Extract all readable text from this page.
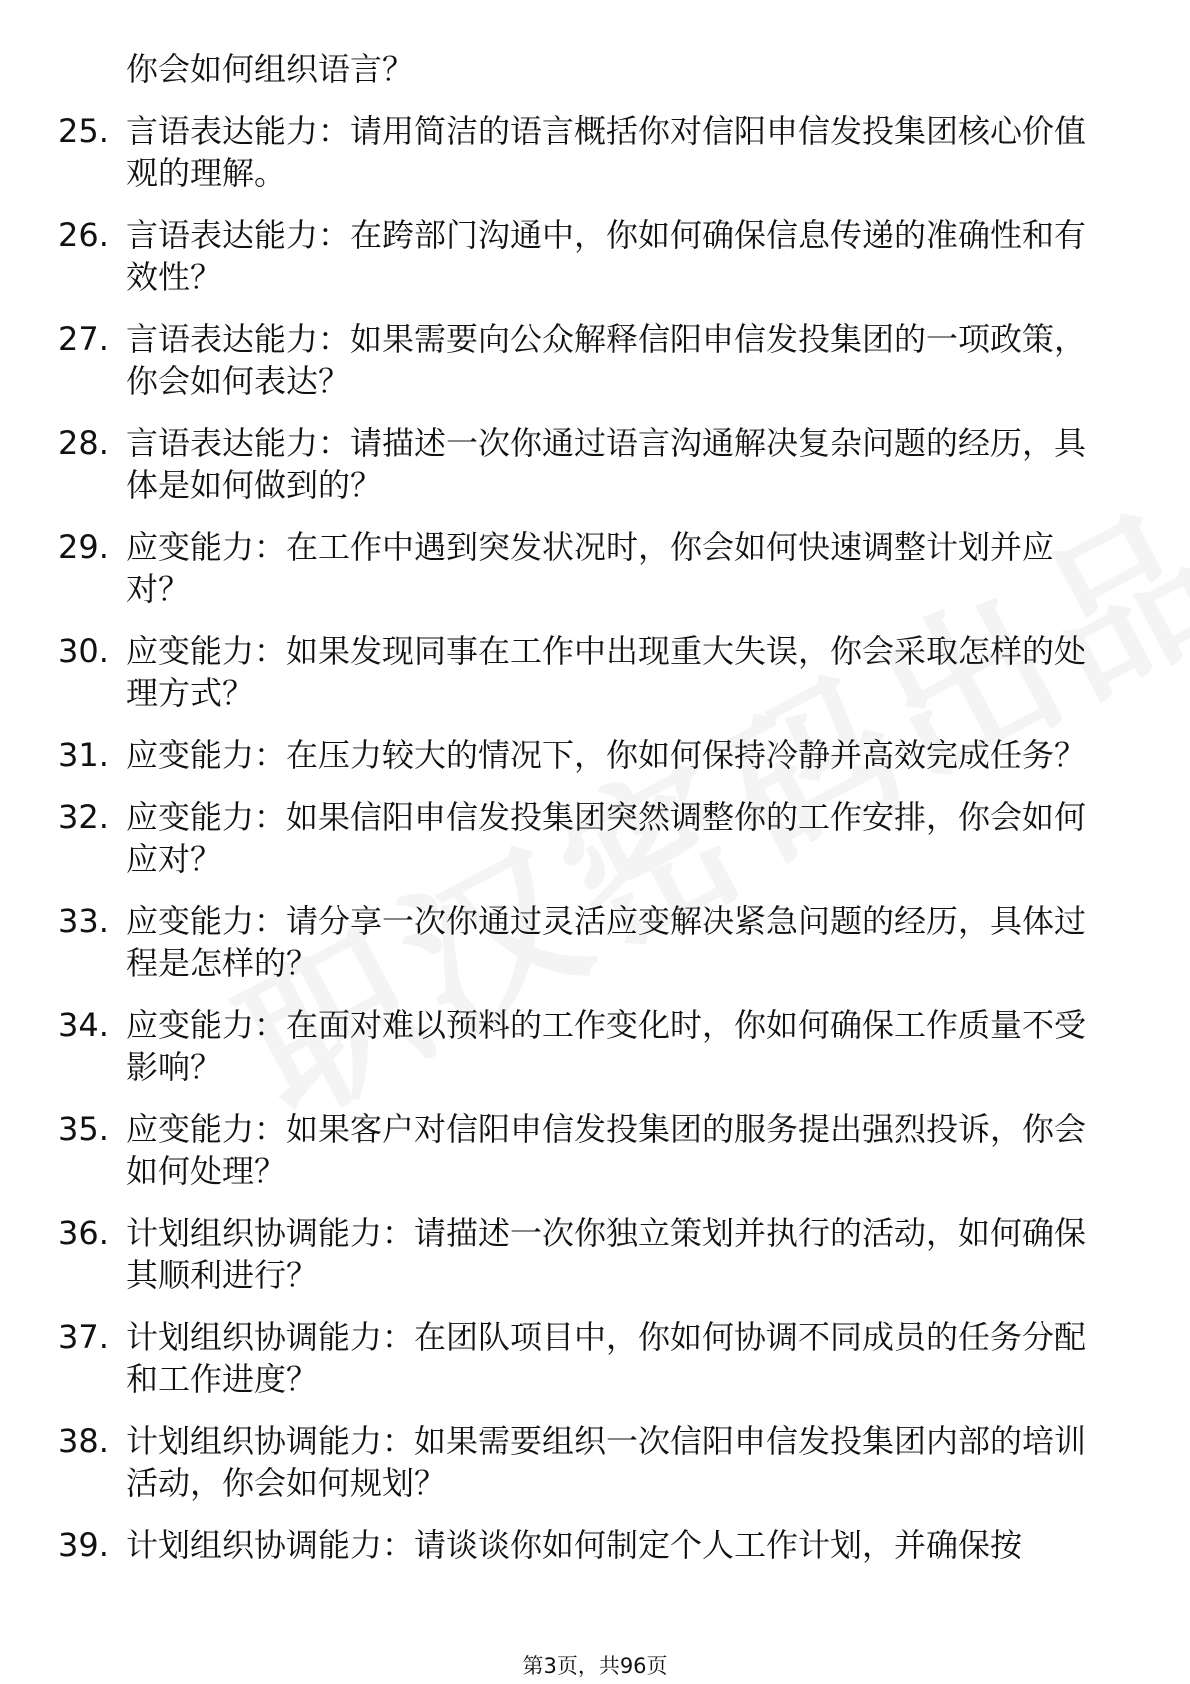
你会如何组织语言？
25. 言语表达能力：请用简洁的语言概括你对信阳申信发投集团核心价值观的理解。
26. 言语表达能力：在跨部门沟通中，你如何确保信息传递的准确性和有效性？
27. 言语表达能力：如果需要向公众解释信阳申信发投集团的一项政策，你会如何表达？
28. 言语表达能力：请描述一次你通过语言沟通解决复杂问题的经历，具体是如何做到的？
29. 应变能力：在工作中遇到突发状况时，你会如何快速调整计划并应对？
30. 应变能力：如果发现同事在工作中出现重大失误，你会采取怎样的处理方式？
31. 应变能力：在压力较大的情况下，你如何保持冷静并高效完成任务？
32. 应变能力：如果信阳申信发投集团突然调整你的工作安排，你会如何应对？
33. 应变能力：请分享一次你通过灵活应变解决紧急问题的经历，具体过程是怎样的？
34. 应变能力：在面对难以预料的工作变化时，你如何确保工作质量不受影响？
35. 应变能力：如果客户对信阳申信发投集团的服务提出强烈投诉，你会如何处理？
36. 计划组织协调能力：请描述一次你独立策划并执行的活动，如何确保其顺利进行？
37. 计划组织协调能力：在团队项目中，你如何协调不同成员的任务分配和工作进度？
38. 计划组织协调能力：如果需要组织一次信阳申信发投集团内部的培训活动，你会如何规划？
39. 计划组织协调能力：请谈谈你如何制定个人工作计划，并确保按
第3页，共96页
